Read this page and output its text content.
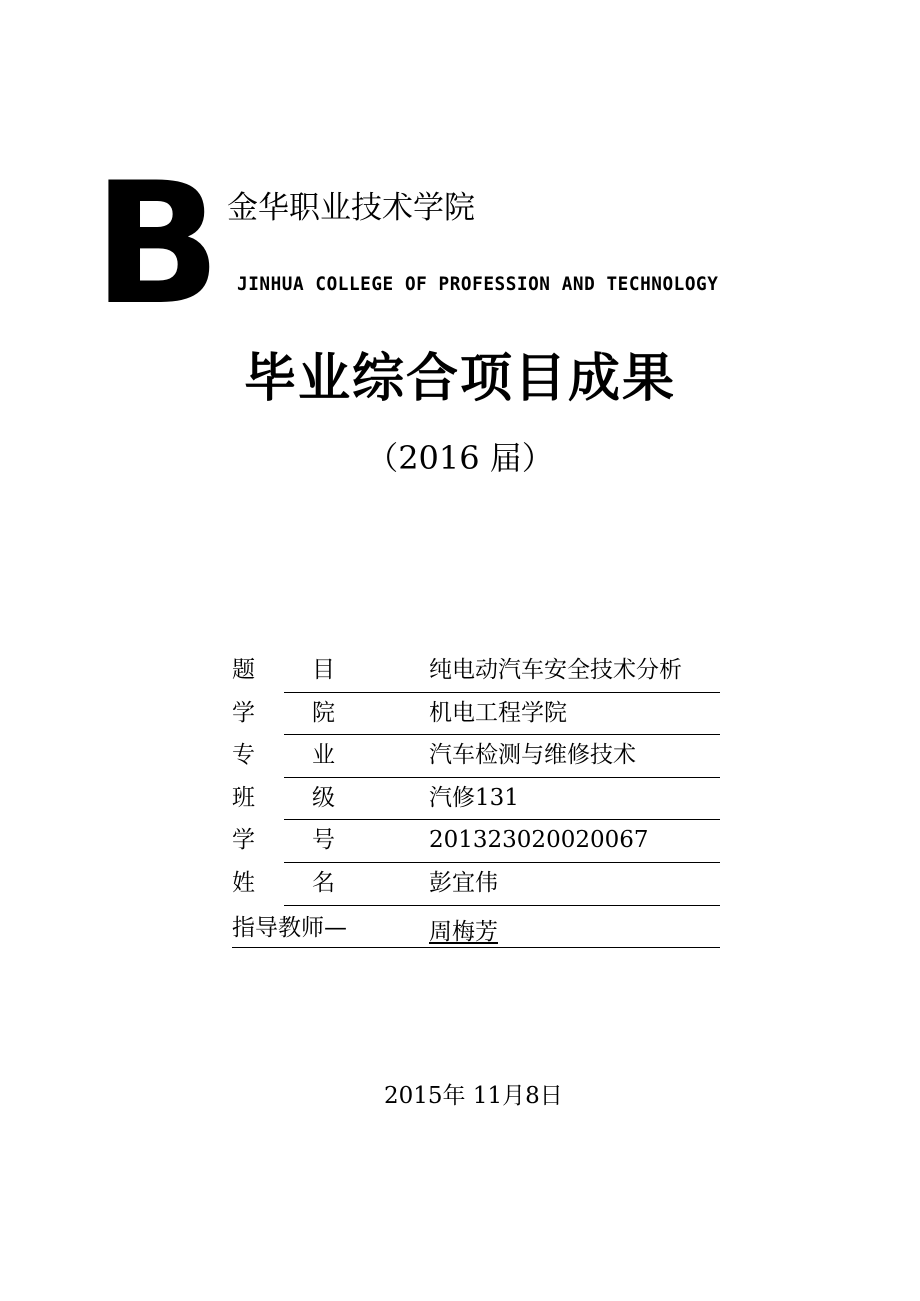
B 金华职业技术学院
JINHUA COLLEGE OF PROFESSION AND TECHNOLOGY
毕业综合项目成果
（2016 届）
题 目	纯电动汽车安全技术分析
学 院	机电工程学院
专 业	汽车检测与维修技术
班 级	汽修131
学 号	201323020020067
姓 名	彭宜伟
指导教师—	周梅芳
2015年 11月8日
